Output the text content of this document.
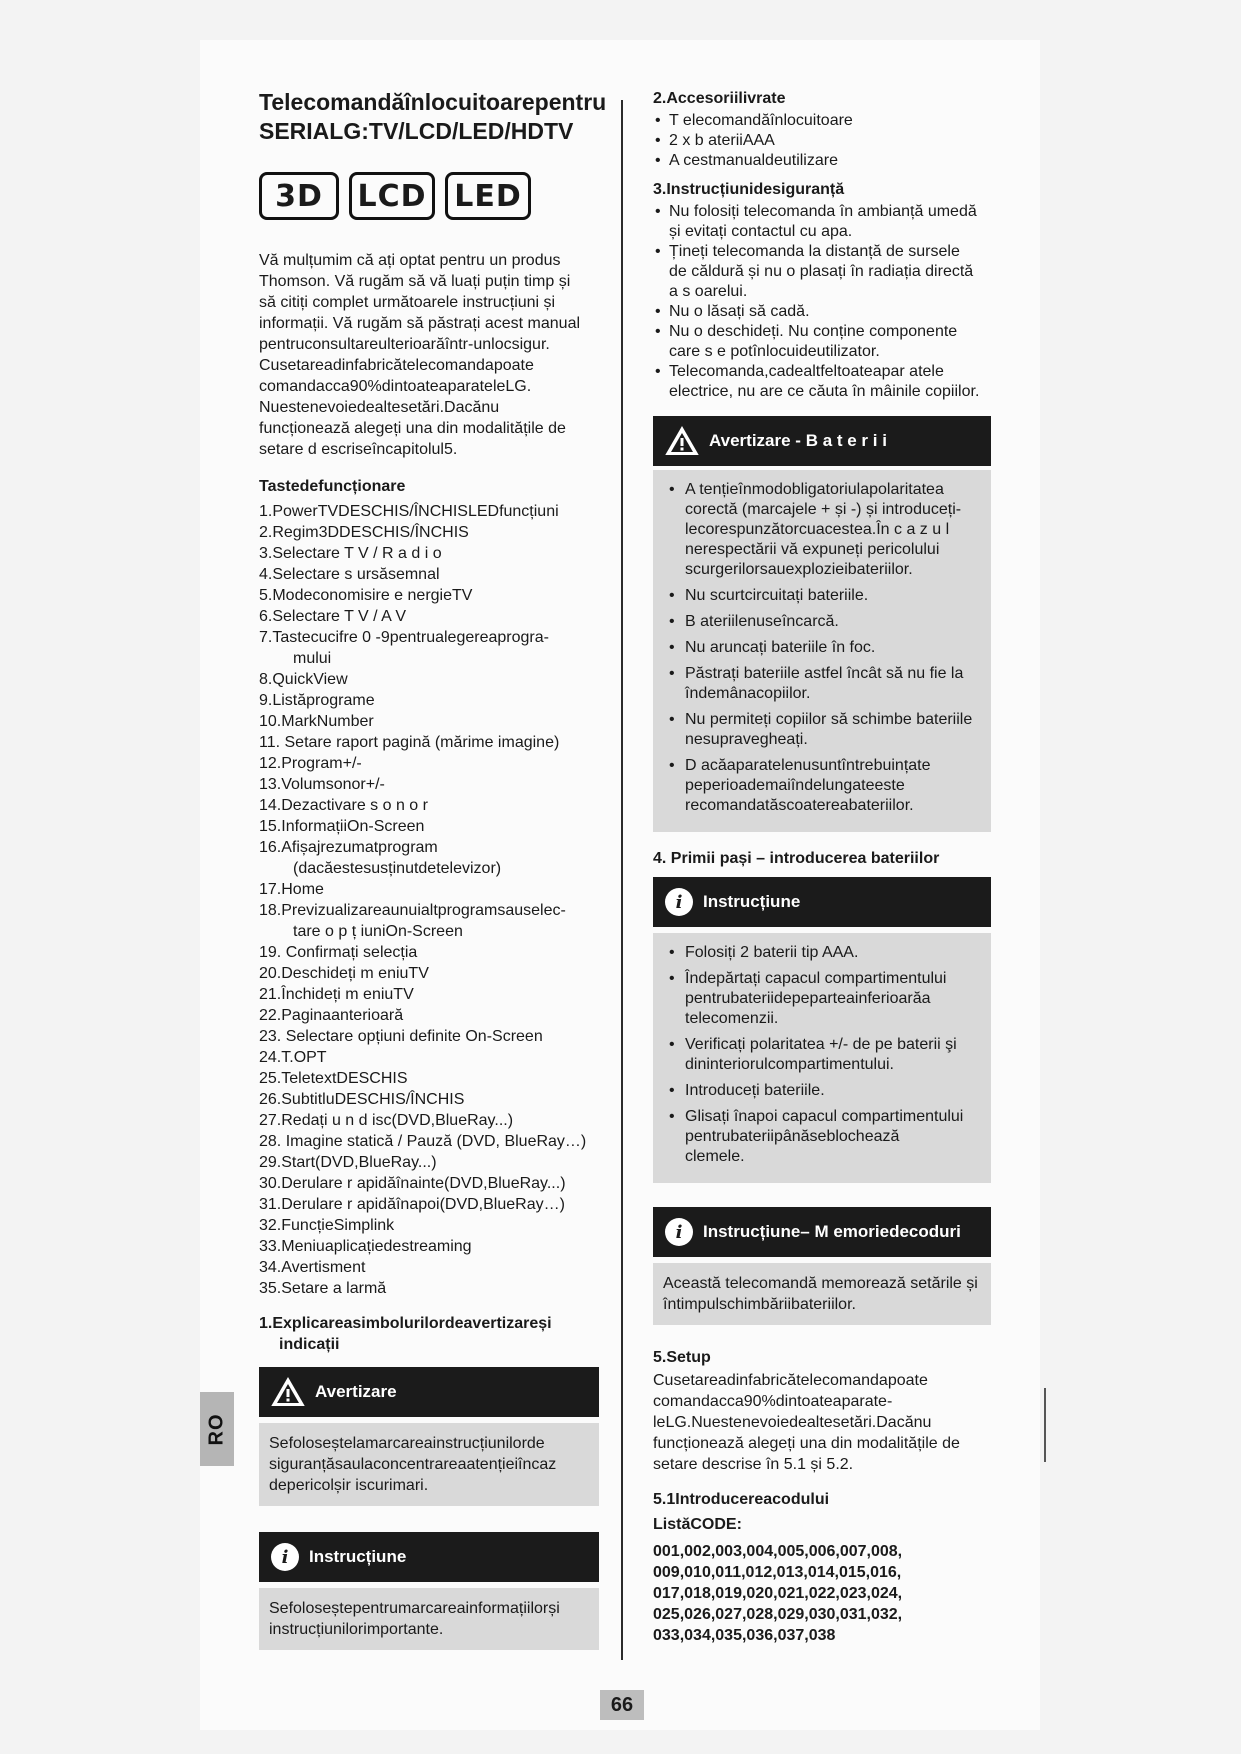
RO
66
Telecomandăînlocuitoarepentru
SERIALG:TV/LCD/LED/HDTV
3D LCD LED

Vă mulțumim că ați optat pentru un produs

Thomson. Vă rugăm să vă luați puțin timp și

să citiți complet următoarele instrucțiuni și

informații. Vă rugăm să păstrați acest manual

pentruconsultareulterioarăîntr-unlocsigur.

Cusetareadinfabricătelecomandapoate

comandacca90%dintoateaparateleLG.

Nuestenevoiedealtesetări.Dacănu

funcționează alegeți una din modalitățile de

setare d escriseîncapitolul5.

Tastedefuncționare
1.PowerTVDESCHIS/ÎNCHISLEDfuncțiuni
2.Regim3DDESCHIS/ÎNCHIS
3.Selectare T V / R a d i o
4.Selectare s ursăsemnal
5.Modeconomisire e nergieTV
6.Selectare T V / A V
7.Tastecucifre 0 -9pentrualegereaprogra-
mului
8.QuickView
9.Listăprograme
10.MarkNumber
11. Setare raport pagină (mărime imagine)
12.Program+/-
13.Volumsonor+/-
14.Dezactivare s o n o r
15.InformațiiOn-Screen
16.Afișajrezumatprogram
(dacăestesusținutdetelevizor)
17.Home
18.Previzualizareaunuialtprogramsauselec-
tare o p ț iuniOn-Screen
19. Confirmați selecția
20.Deschideți m eniuTV
21.Închideți m eniuTV
22.Paginaanterioară
23. Selectare opțiuni definite On-Screen
24.T.OPT
25.TeletextDESCHIS
26.SubtitluDESCHIS/ÎNCHIS
27.Redați u n d isc(DVD,BlueRay...)
28. Imagine statică / Pauză (DVD, BlueRay…)
29.Start(DVD,BlueRay...)
30.Derulare r apidăînainte(DVD,BlueRay...)
31.Derulare r apidăînapoi(DVD,BlueRay…)
32.FuncțieSimplink
33.Meniuaplicațiedestreaming
34.Avertisment
35.Setare a larmă
1.Explicareasimbolurilordeavertizareși
indicații
Avertizare

Sefoloseștelamarcareainstrucțiunilorde

siguranțăsaulaconcentrareaatențieiîncaz

depericolșir iscurimari.

i	Instrucțiune

Sefoloseștepentrumarcareainformațiilorși

instrucțiunilorimportante.

2.Accesoriilivrate
• T elecomandăînlocuitoare
• 2 x b ateriiAAA
• A cestmanualdeutilizare
3.Instrucțiunidesiguranță
• Nu folosiți telecomanda în ambianță umedă
și evitați contactul cu apa.
• Țineți telecomanda la distanță de sursele
de căldură și nu o plasați în radiația directă
a s oarelui.
• Nu o lăsați să cadă.
• Nu o deschideți. Nu conține componente
care s e potînlocuideutilizator.
• Telecomanda,cadealtfeltoateapar atele
electrice, nu are ce căuta în mâinile copiilor.
Avertizare - B a t e r i i
• A tențieînmodobligatoriulapolaritatea
corectă (marcajele + și -) și introduceți-
lecorespunzătorcuacestea.În c a z u l
nerespectării vă expuneți pericolului
scurgerilorsauexplozieibateriilor.
• Nu scurtcircuitați bateriile.
• B ateriilenuseîncarcă.
• Nu aruncați bateriile în foc.
• Păstrați bateriile astfel încât să nu fie la
îndemânacopiilor.
• Nu permiteți copiilor să schimbe bateriile
nesupravegheați.
• D acăaparatelenusuntîntrebuințate
peperioademaiîndelungateeste
recomandatăscoatereabateriilor.
4. Primii pași – introducerea bateriilor
i	Instrucțiune
• Folosiți 2 baterii tip AAA.
• Îndepărtați capacul compartimentului
pentrubateriidepeparteainferioarăa
telecomenzii.
• Verificați polaritatea +/- de pe baterii şi
dininteriorulcompartimentului.
• Introduceți bateriile.
• Glisați înapoi capacul compartimentului
pentrubateriipânăseblochează
clemele.
i	Instrucțiune– M emoriedecoduri

Această telecomandă memorează setările și

întimpulschimbăriibateriilor.

5.Setup

Cusetareadinfabricătelecomandapoate

comandacca90%dintoateaparate-

leLG.Nuestenevoiedealtesetări.Dacănu

funcționează alegeți una din modalitățile de

setare descrise în 5.1 și 5.2.

5.1Introducereacodului
ListăCODE:

001,002,003,004,005,006,007,008,

009,010,011,012,013,014,015,016,

017,018,019,020,021,022,023,024,

025,026,027,028,029,030,031,032,

033,034,035,036,037,038
